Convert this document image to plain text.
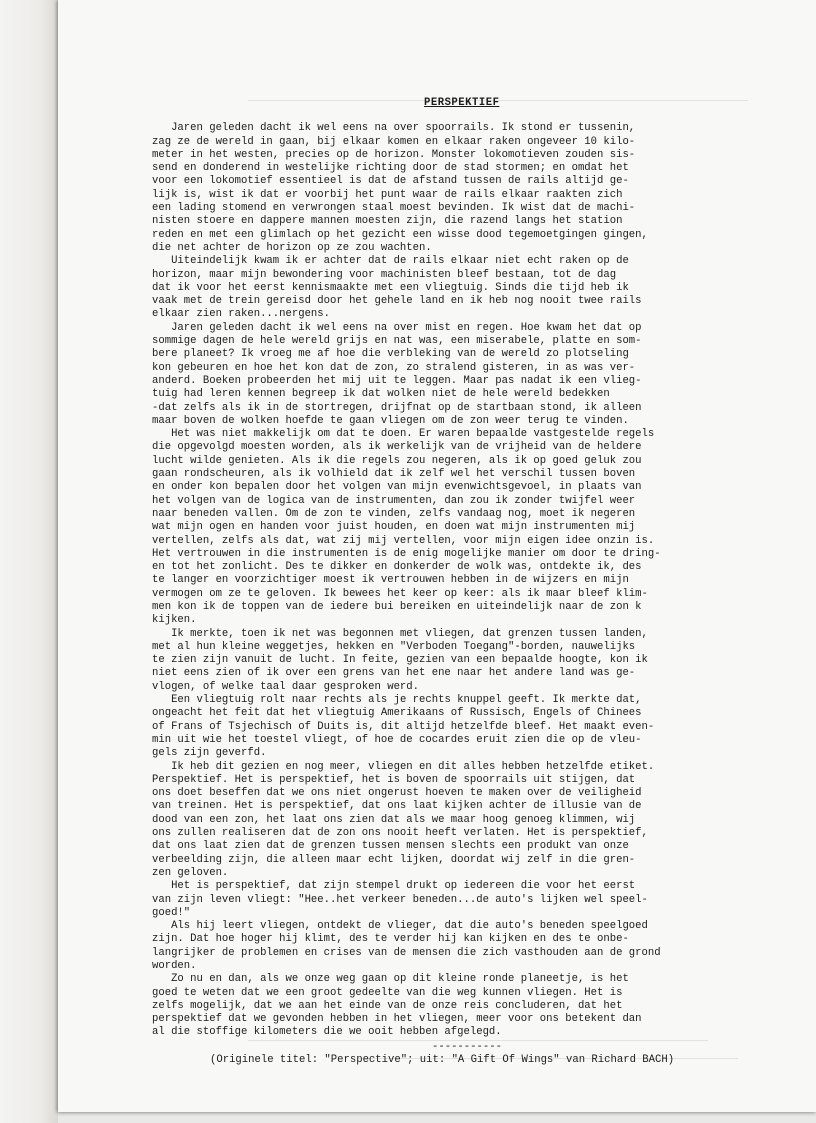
PERSPEKTIEF

Jaren geleden dacht ik wel eens na over spoorrails. Ik stond er tussenin,
zag ze de wereld in gaan, bij elkaar komen en elkaar raken ongeveer 10 kilo-
meter in het westen, precies op de horizon. Monster lokomotieven zouden sis-
send en donderend in westelijke richting door de stad stormen; en omdat het
voor een lokomotief essentieel is dat de afstand tussen de rails altijd ge-
lijk is, wist ik dat er voorbij het punt waar de rails elkaar raakten zich
een lading stomend en verwrongen staal moest bevinden. Ik wist dat de machi-
nisten stoere en dappere mannen moesten zijn, die razend langs het station
reden en met een glimlach op het gezicht een wisse dood tegemoetgingen gingen,
die net achter de horizon op ze zou wachten.

Uiteindelijk kwam ik er achter dat de rails elkaar niet echt raken op de
horizon, maar mijn bewondering voor machinisten bleef bestaan, tot de dag
dat ik voor het eerst kennismaakte met een vliegtuig. Sinds die tijd heb ik
vaak met de trein gereisd door het gehele land en ik heb nog nooit twee rails
elkaar zien raken...nergens.

Jaren geleden dacht ik wel eens na over mist en regen. Hoe kwam het dat op
sommige dagen de hele wereld grijs en nat was, een miserabele, platte en som-
bere planeet? Ik vroeg me af hoe die verbleking van de wereld zo plotseling
kon gebeuren en hoe het kon dat de zon, zo stralend gisteren, in as was ver-
anderd. Boeken probeerden het mij uit te leggen. Maar pas nadat ik een vlieg-
tuig had leren kennen begreep ik dat wolken niet de hele wereld bedekken
-dat zelfs als ik in de stortregen, drijfnat op de startbaan stond, ik alleen
maar boven de wolken hoefde te gaan vliegen om de zon weer terug te vinden.

Het was niet makkelijk om dat te doen. Er waren bepaalde vastgestelde regels
die opgevolgd moesten worden, als ik werkelijk van de vrijheid van de heldere
lucht wilde genieten. Als ik die regels zou negeren, als ik op goed geluk zou
gaan rondscheuren, als ik volhield dat ik zelf wel het verschil tussen boven
en onder kon bepalen door het volgen van mijn evenwichtsgevoel, in plaats van
het volgen van de logica van de instrumenten, dan zou ik zonder twijfel weer
naar beneden vallen. Om de zon te vinden, zelfs vandaag nog, moet ik negeren
wat mijn ogen en handen voor juist houden, en doen wat mijn instrumenten mij
vertellen, zelfs als dat, wat zij mij vertellen, voor mijn eigen idee onzin is.
Het vertrouwen in die instrumenten is de enig mogelijke manier om door te dring-
en tot het zonlicht. Des te dikker en donkerder de wolk was, ontdekte ik, des
te langer en voorzichtiger moest ik vertrouwen hebben in de wijzers en mijn
vermogen om ze te geloven. Ik bewees het keer op keer: als ik maar bleef klim-
men kon ik de toppen van de iedere bui bereiken en uiteindelijk naar de zon k
kijken.

Ik merkte, toen ik net was begonnen met vliegen, dat grenzen tussen landen,
met al hun kleine weggetjes, hekken en "Verboden Toegang"-borden, nauwelijks
te zien zijn vanuit de lucht. In feite, gezien van een bepaalde hoogte, kon ik
niet eens zien of ik over een grens van het ene naar het andere land was ge-
vlogen, of welke taal daar gesproken werd.

Een vliegtuig rolt naar rechts als je rechts knuppel geeft. Ik merkte dat,
ongeacht het feit dat het vliegtuig Amerikaans of Russisch, Engels of Chinees
of Frans of Tsjechisch of Duits is, dit altijd hetzelfde bleef. Het maakt even-
min uit wie het toestel vliegt, of hoe de cocardes eruit zien die op de vleu-
gels zijn geverfd.

Ik heb dit gezien en nog meer, vliegen en dit alles hebben hetzelfde etiket.
Perspektief. Het is perspektief, het is boven de spoorrails uit stijgen, dat
ons doet beseffen dat we ons niet ongerust hoeven te maken over de veiligheid
van treinen. Het is perspektief, dat ons laat kijken achter de illusie van de
dood van een zon, het laat ons zien dat als we maar hoog genoeg klimmen, wij
ons zullen realiseren dat de zon ons nooit heeft verlaten. Het is perspektief,
dat ons laat zien dat de grenzen tussen mensen slechts een produkt van onze
verbeelding zijn, die alleen maar echt lijken, doordat wij zelf in die gren-
zen geloven.

Het is perspektief, dat zijn stempel drukt op iedereen die voor het eerst
van zijn leven vliegt: "Hee..het verkeer beneden...de auto's lijken wel speel-
goed!"

Als hij leert vliegen, ontdekt de vlieger, dat die auto's beneden speelgoed
zijn. Dat hoe hoger hij klimt, des te verder hij kan kijken en des te onbe-
langrijker de problemen en crises van de mensen die zich vasthouden aan de grond
worden.

Zo nu en dan, als we onze weg gaan op dit kleine ronde planeetje, is het
goed te weten dat we een groot gedeelte van die weg kunnen vliegen. Het is
zelfs mogelijk, dat we aan het einde van de onze reis concluderen, dat het
perspektief dat we gevonden hebben in het vliegen, meer voor ons betekent dan
al die stoffige kilometers die we ooit hebben afgelegd.

-----------
(Originele titel: "Perspective"; uit: "A Gift Of Wings" van Richard BACH)
